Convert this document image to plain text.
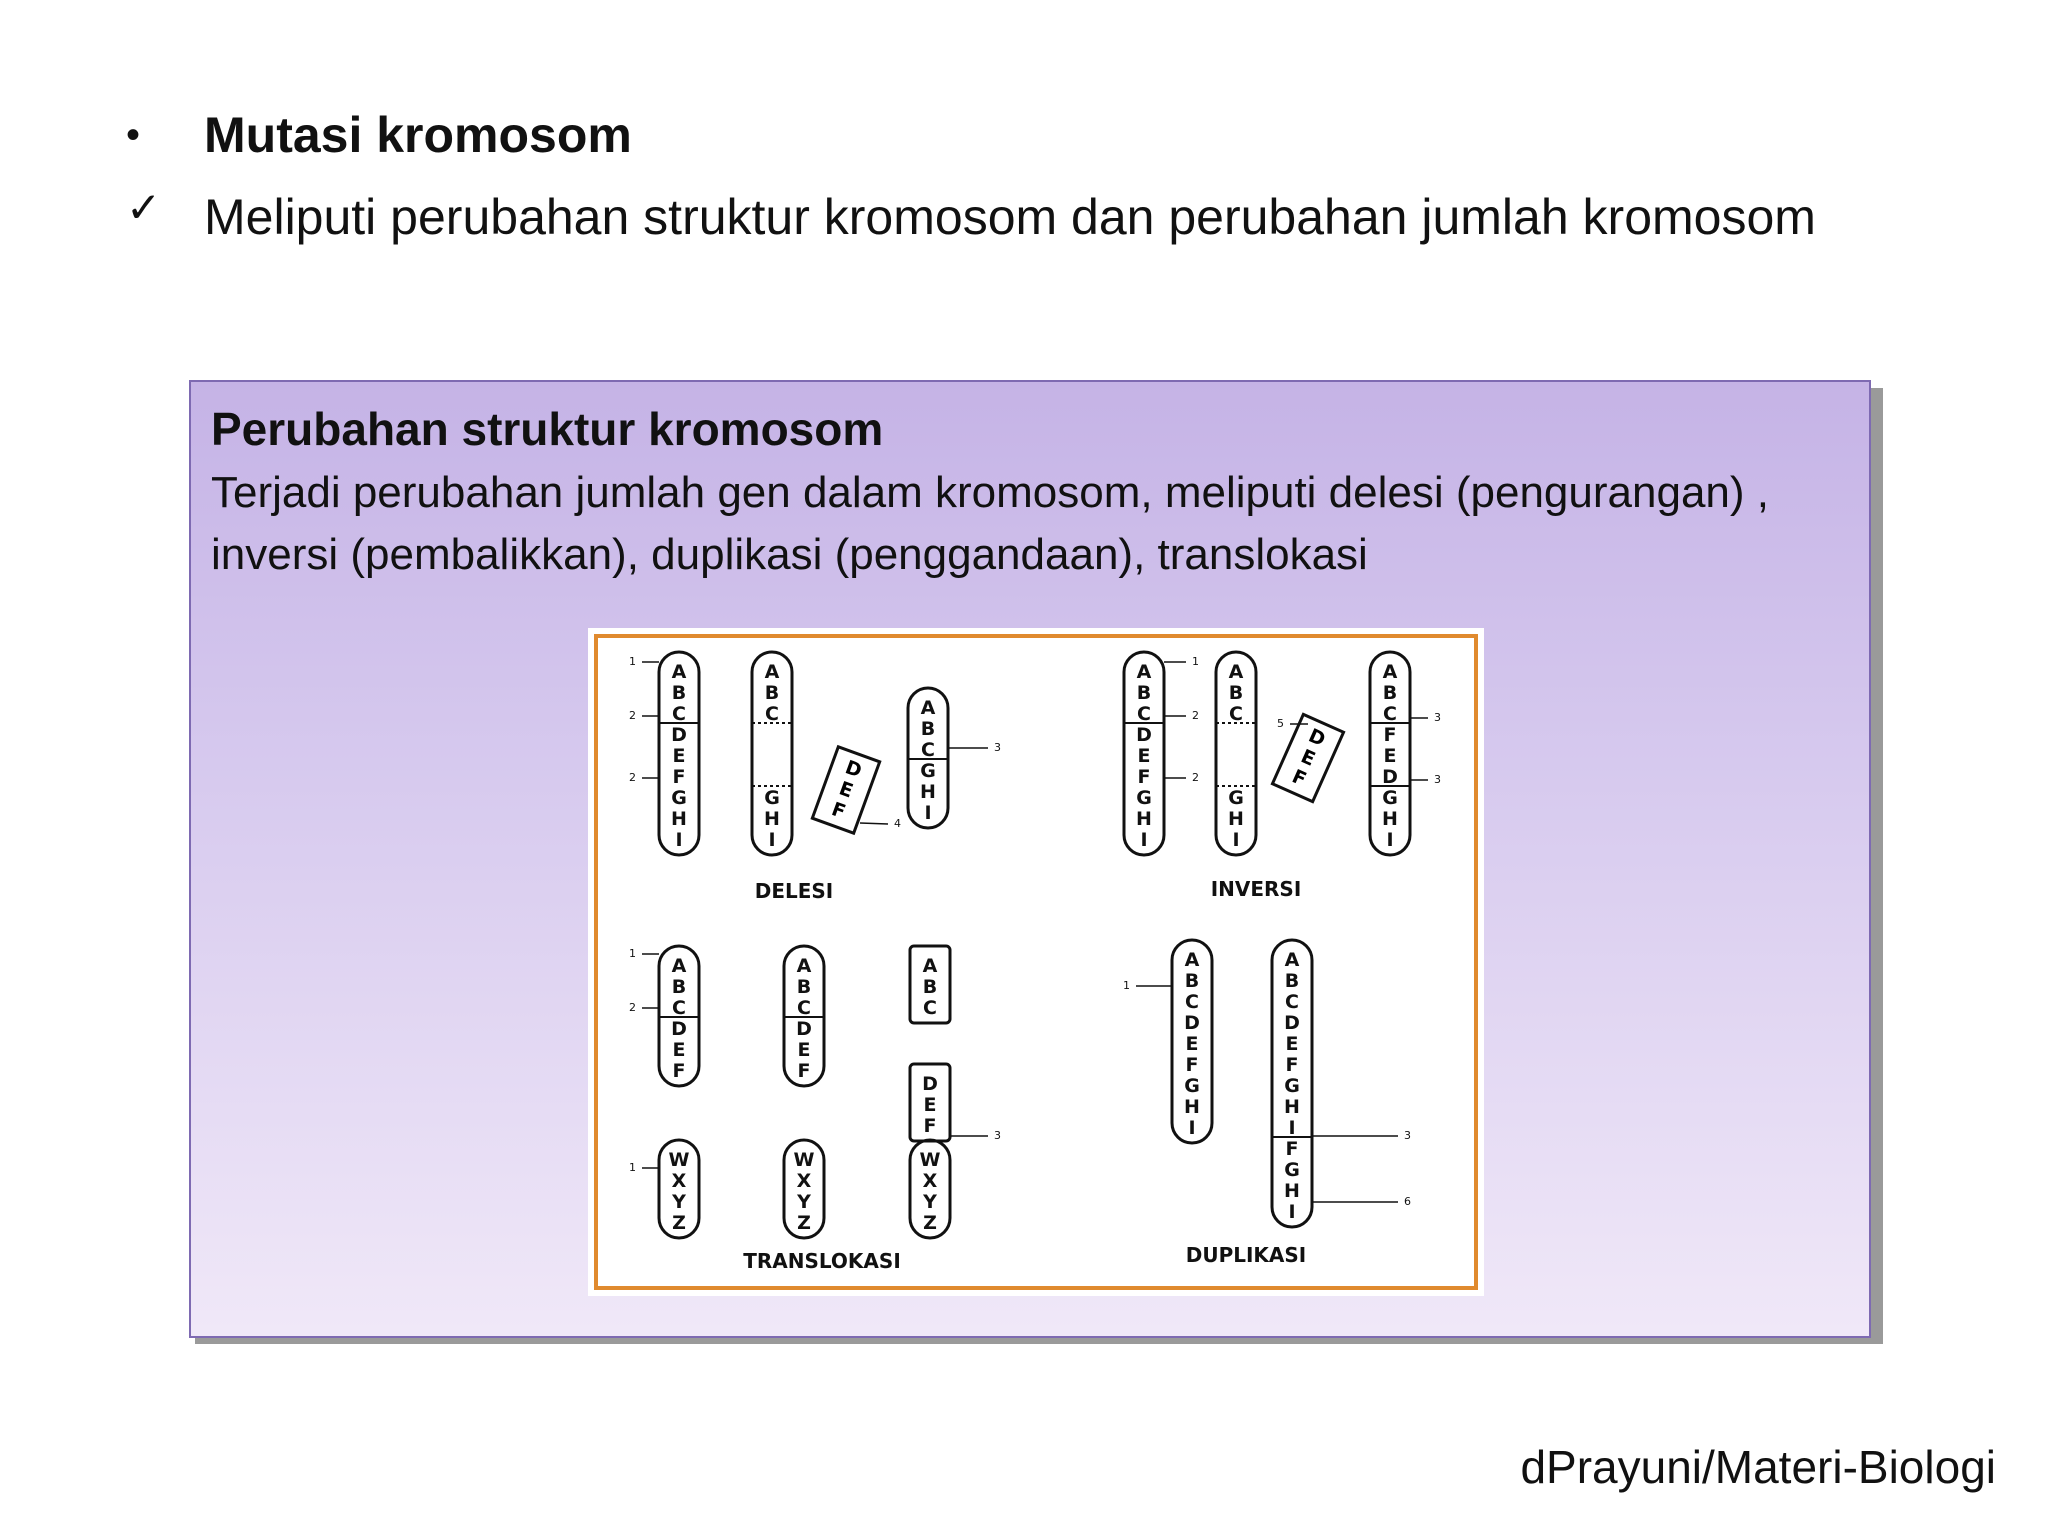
•	Mutasi kromosom
✓ Meliputi perubahan struktur kromosom dan perubahan jumlah kromosom
Perubahan struktur kromosom
Terjadi perubahan jumlah gen dalam kromosom, meliputi delesi (pengurangan) , inversi (pembalikkan), duplikasi (penggandaan), translokasi
A
B
C
D
E
F
G
H
I
1
2
2
A
B
C
G
H
I
D
E
F
A
B
C
G
H
I
3
4
DELESI
A
B
C
D
E
F
G
H
I
1
2
2
A
B
C
G
H
I
5
D
E
F
A
B
C
F
E
D
G
H
I
3
3
INVERSI
A
B
C
D
E
F
1
2
A
B
C
D
E
F
A
B
C
D
E
F
W
X
Y
Z
1	W
X
Y
Z
W
X
Y
Z
3
TRANSLOKASI
A
B
C
D
E
F
G
H
I
1
A
B
C
D
E
F
G
H
I
F
G
H
I
3
6
DUPLIKASI
dPrayuni/Materi-Biologi
